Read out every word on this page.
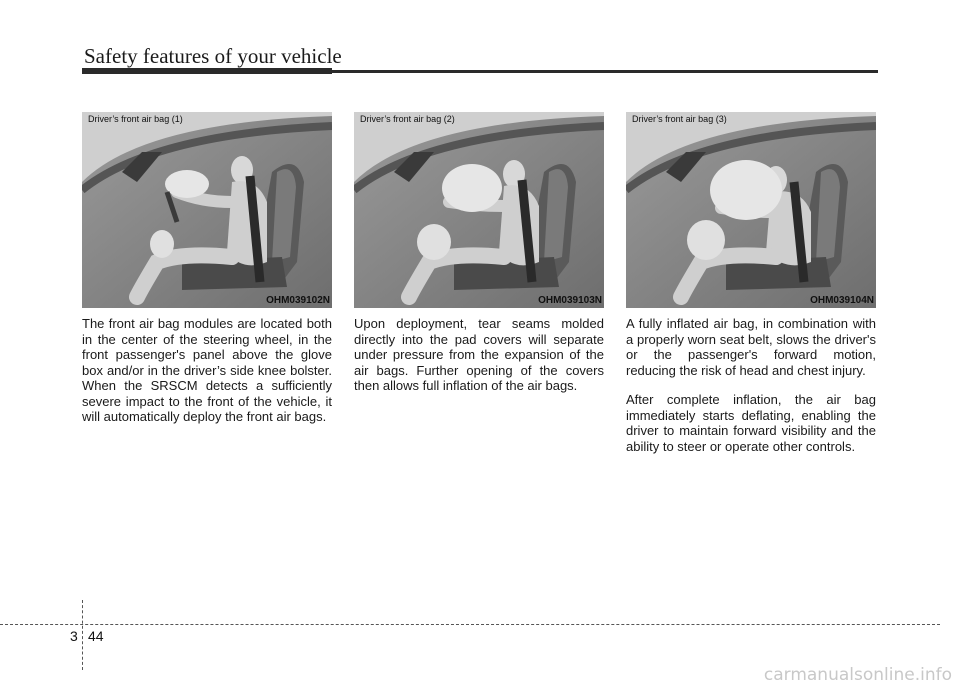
Safety features of your vehicle
Driver’s front air bag (1)
OHM039102N
Driver’s front air bag (2)
OHM039103N
Driver’s front air bag (3)
OHM039104N

The front air bag modules are located both in the center of the steering wheel, in the front passenger's panel above the glove box and/or in the driver’s side knee bolster. When the SRSCM detects a sufficiently severe impact to the front of the vehicle, it will automatically deploy the front air bags.

Upon deployment, tear seams molded directly into the pad covers will separate under pressure from the expansion of the air bags. Further opening of the covers then allows full inflation of the air bags.

A fully inflated air bag, in combination with a properly worn seat belt, slows the driver's or the passenger's forward motion, reducing the risk of head and chest injury.

After complete inflation, the air bag immediately starts deflating, enabling the driver to maintain forward visibility and the ability to steer or operate other controls.

3 44
carmanualsonline.info
